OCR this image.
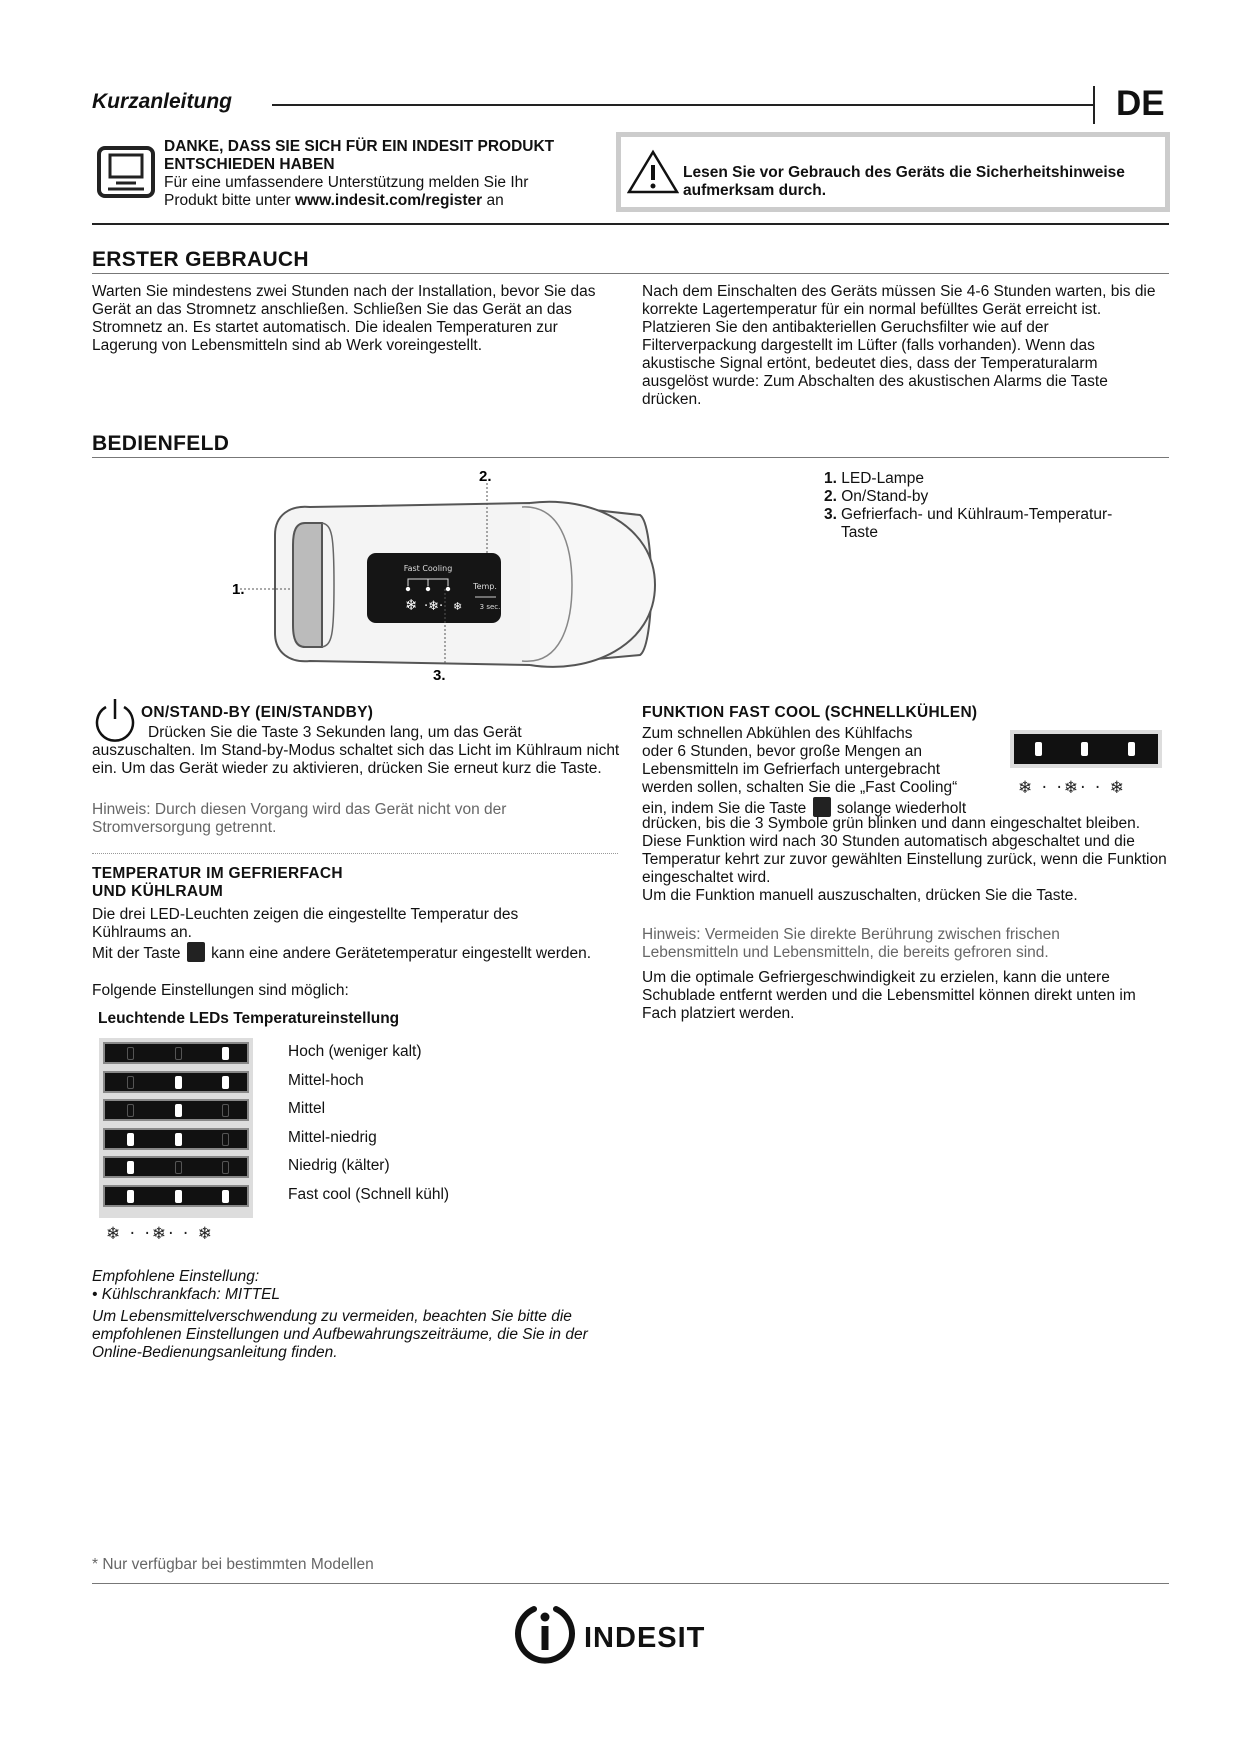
Kurzanleitung	DE
DANKE, DASS SIE SICH FÜR EIN INDESIT PRODUKT ENTSCHIEDEN HABEN
Für eine umfassendere Unterstützung melden Sie Ihr Produkt bitte unter www.indesit.com/register an
Lesen Sie vor Gebrauch des Geräts die Sicherheitshinweise aufmerksam durch.
ERSTER GEBRAUCH

Warten Sie mindestens zwei Stunden nach der Installation, bevor Sie das Gerät an das Stromnetz anschließen. Schließen Sie das Gerät an das Stromnetz an. Es startet automatisch. Die idealen Temperaturen zur Lagerung von Lebensmitteln sind ab Werk voreingestellt.

Nach dem Einschalten des Geräts müssen Sie 4-6 Stunden warten, bis die korrekte Lagertemperatur für ein normal befülltes Gerät erreicht ist. Platzieren Sie den antibakteriellen Geruchsfilter wie auf der Filterverpackung dargestellt im Lüfter (falls vorhanden). Wenn das akustische Signal ertönt, bedeutet dies, dass der Temperaturalarm ausgelöst wurde: Zum Abschalten des akustischen Alarms die Taste drücken.

BEDIENFELD
Fast Cooling
❄ ·❄· ❄
Temp.
3 sec.
2.
1.
3.
1. LED-Lampe
2. On/Stand-by
3. Gefrierfach- und Kühlraum-Temperatur-Taste
ON/STAND-BY (EIN/STANDBY)

Drücken Sie die Taste 3 Sekunden lang, um das Gerät auszuschalten. Im Stand-by-Modus schaltet sich das Licht im Kühlraum nicht ein. Um das Gerät wieder zu aktivieren, drücken Sie erneut kurz die Taste.

Hinweis: Durch diesen Vorgang wird das Gerät nicht von der Stromversorgung getrennt.

TEMPERATUR IM GEFRIERFACH
UND KÜHLRAUM
Die drei LED-Leuchten zeigen die eingestellte Temperatur des
Kühlraums an.
Mit der Taste kann eine andere Gerätetemperatur eingestellt werden.

Folgende Einstellungen sind möglich:

Leuchtende LEDs Temperatureinstellung
Hoch (weniger kalt)
Mittel-hoch
Mittel
Mittel-niedrig
Niedrig (kälter)
Fast cool (Schnell kühl)
❄ · ·❄· · ❄
Empfohlene Einstellung:
• Kühlschrankfach: MITTEL
Um Lebensmittelverschwendung zu vermeiden, beachten Sie bitte die empfohlenen Einstellungen und Aufbewahrungszeiträume, die Sie in der Online-Bedienungsanleitung finden.
FUNKTION FAST COOL (SCHNELLKÜHLEN)
Zum schnellen Abkühlen des Kühlfachs
oder 6 Stunden, bevor große Mengen an
Lebensmitteln im Gefrierfach untergebracht
werden sollen, schalten Sie die „Fast Cooling“
ein, indem Sie die Taste solange wiederholt
❄ · ·❄· · ❄

drücken, bis die 3 Symbole grün blinken und dann eingeschaltet bleiben.
Diese Funktion wird nach 30 Stunden automatisch abgeschaltet und die Temperatur kehrt zur zuvor gewählten Einstellung zurück, wenn die Funktion eingeschaltet wird.
Um die Funktion manuell auszuschalten, drücken Sie die Taste.

Hinweis: Vermeiden Sie direkte Berührung zwischen frischen Lebensmitteln und Lebensmitteln, die bereits gefroren sind.

Um die optimale Gefriergeschwindigkeit zu erzielen, kann die untere Schublade entfernt werden und die Lebensmittel können direkt unten im Fach platziert werden.

* Nur verfügbar bei bestimmten Modellen
indesit
